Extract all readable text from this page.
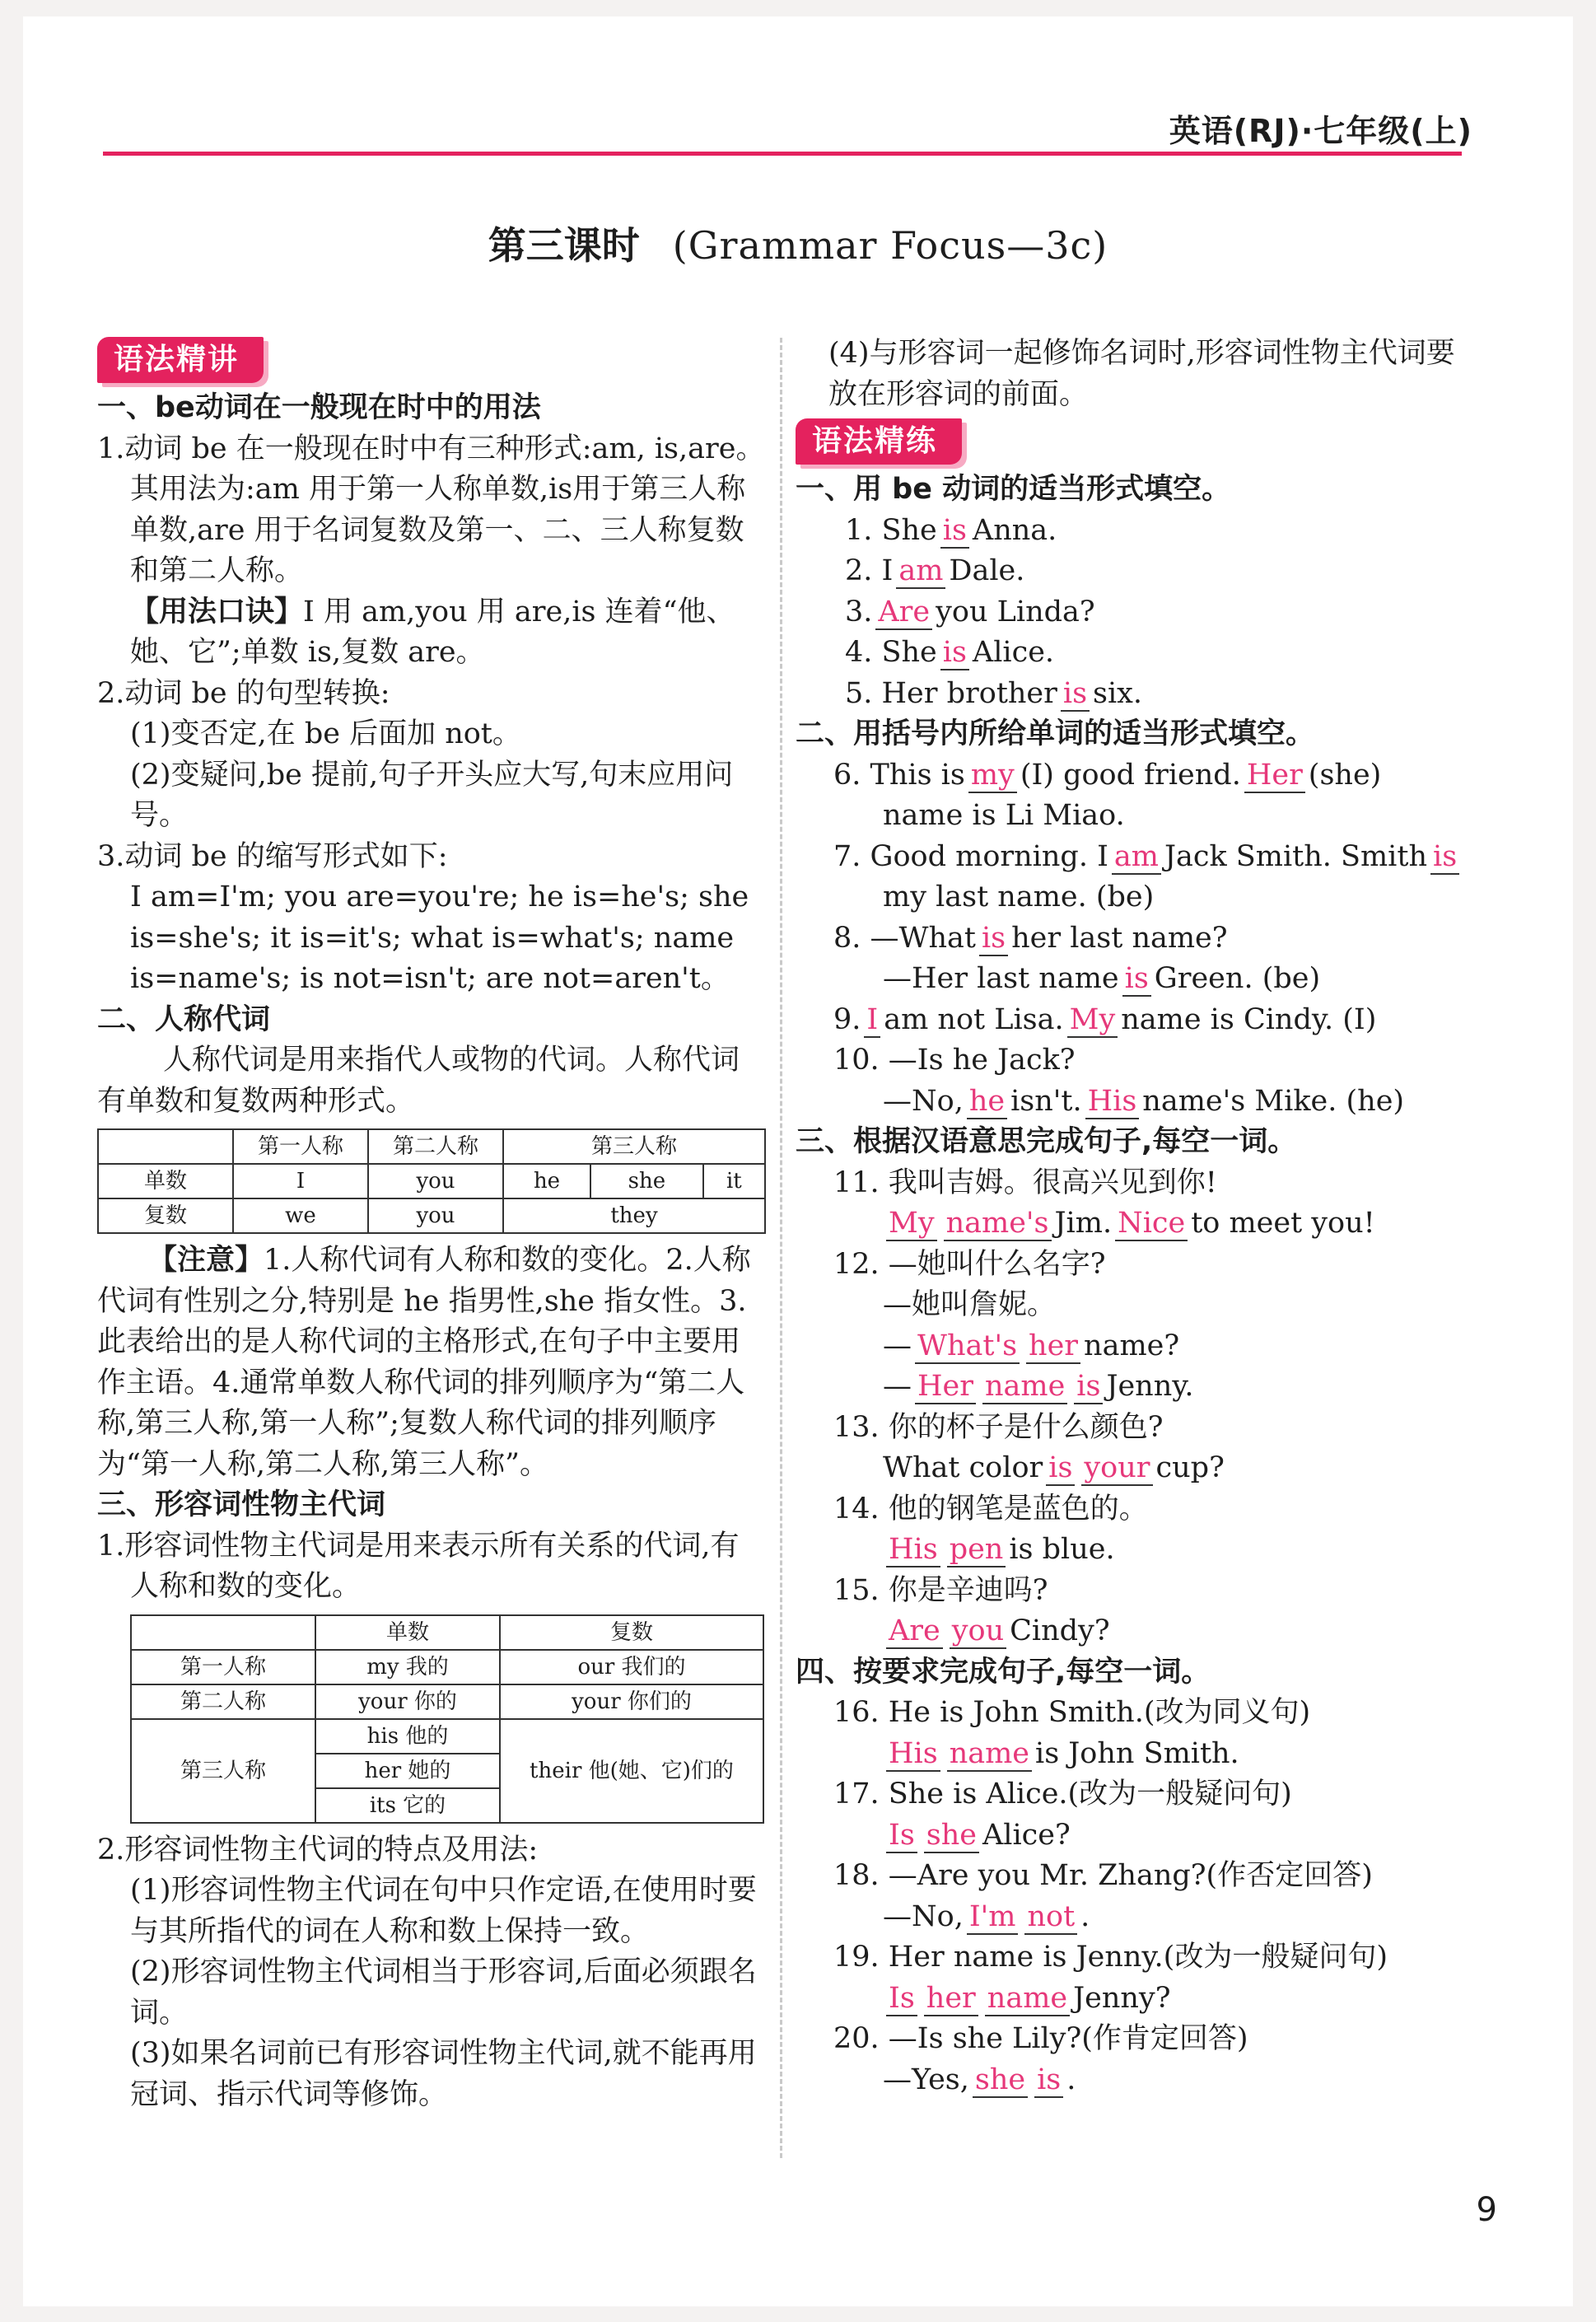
英语(RJ)·七年级(上)
第三课时 (Grammar Focus—3c)
语法精讲
一、be动词在一般现在时中的用法
1.动词 be 在一般现在时中有三种形式:am, is,are。其用法为:am 用于第一人称单数,is用于第三人称单数,are 用于名词复数及第一、二、三人称复数和第二人称。
【用法口诀】I 用 am,you 用 are,is 连着“他、她、它”;单数 is,复数 are。
2.动词 be 的句型转换:
(1)变否定,在 be 后面加 not。
(2)变疑问,be 提前,句子开头应大写,句末应用问号。
3.动词 be 的缩写形式如下:
I am=I'm; you are=you're; he is=he's; she is=she's; it is=it's; what is=what's; name is=name's; is not=isn't; are not=aren't。
二、人称代词
人称代词是用来指代人或物的代词。人称代词有单数和复数两种形式。
	第一人称	第二人称	第三人称		
单数	I	you	he	she	it
复数	we	you	they		
【注意】1.人称代词有人称和数的变化。2.人称代词有性别之分,特别是 he 指男性,she 指女性。3.此表给出的是人称代词的主格形式,在句子中主要用作主语。4.通常单数人称代词的排列顺序为“第二人称,第三人称,第一人称”;复数人称代词的排列顺序为“第一人称,第二人称,第三人称”。
三、形容词性物主代词
1.形容词性物主代词是用来表示所有关系的代词,有人称和数的变化。
	单数	复数
第一人称	my 我的	our 我们的
第二人称	your 你的	your 你们的
第三人称	his 他的	their 他(她、它)们的
	her 她的	
	its 它的	
2.形容词性物主代词的特点及用法:
(1)形容词性物主代词在句中只作定语,在使用时要与其所指代的词在人称和数上保持一致。
(2)形容词性物主代词相当于形容词,后面必须跟名词。
(3)如果名词前已有形容词性物主代词,就不能再用冠词、指示代词等修饰。
(4)与形容词一起修饰名词时,形容词性物主代词要放在形容词的前面。
语法精练
一、用 be 动词的适当形式填空。
1. She is Anna.
2. I am Dale.
3. Are you Linda?
4. She is Alice.
5. Her brother is six.
二、用括号内所给单词的适当形式填空。
6. This is my (I) good friend. Her (she) name is Li Miao.
7. Good morning. I am Jack Smith. Smith ismy last name. (be)
8. —What is her last name?
—Her last name is Green. (be)
9. I am not Lisa. My name is Cindy. (I)
10. —Is he Jack?
—No, he isn't. His name's Mike. (he)
三、根据汉语意思完成句子,每空一词。
11. 我叫吉姆。很高兴见到你!
My name's Jim. Nice to meet you!
12. —她叫什么名字?
—她叫詹妮。
— What's her name?
— Her name is Jenny.
13. 你的杯子是什么颜色?
What color is your cup?
14. 他的钢笔是蓝色的。
His pen is blue.
15. 你是辛迪吗?
Are you Cindy?
四、按要求完成句子,每空一词。
16. He is John Smith.(改为同义句)
His name is John Smith.
17. She is Alice.(改为一般疑问句)
Is she Alice?
18. —Are you Mr. Zhang?(作否定回答)
—No, I'm not .
19. Her name is Jenny.(改为一般疑问句)
Is her name Jenny?
20. —Is she Lily?(作肯定回答)
—Yes, she is .
9
